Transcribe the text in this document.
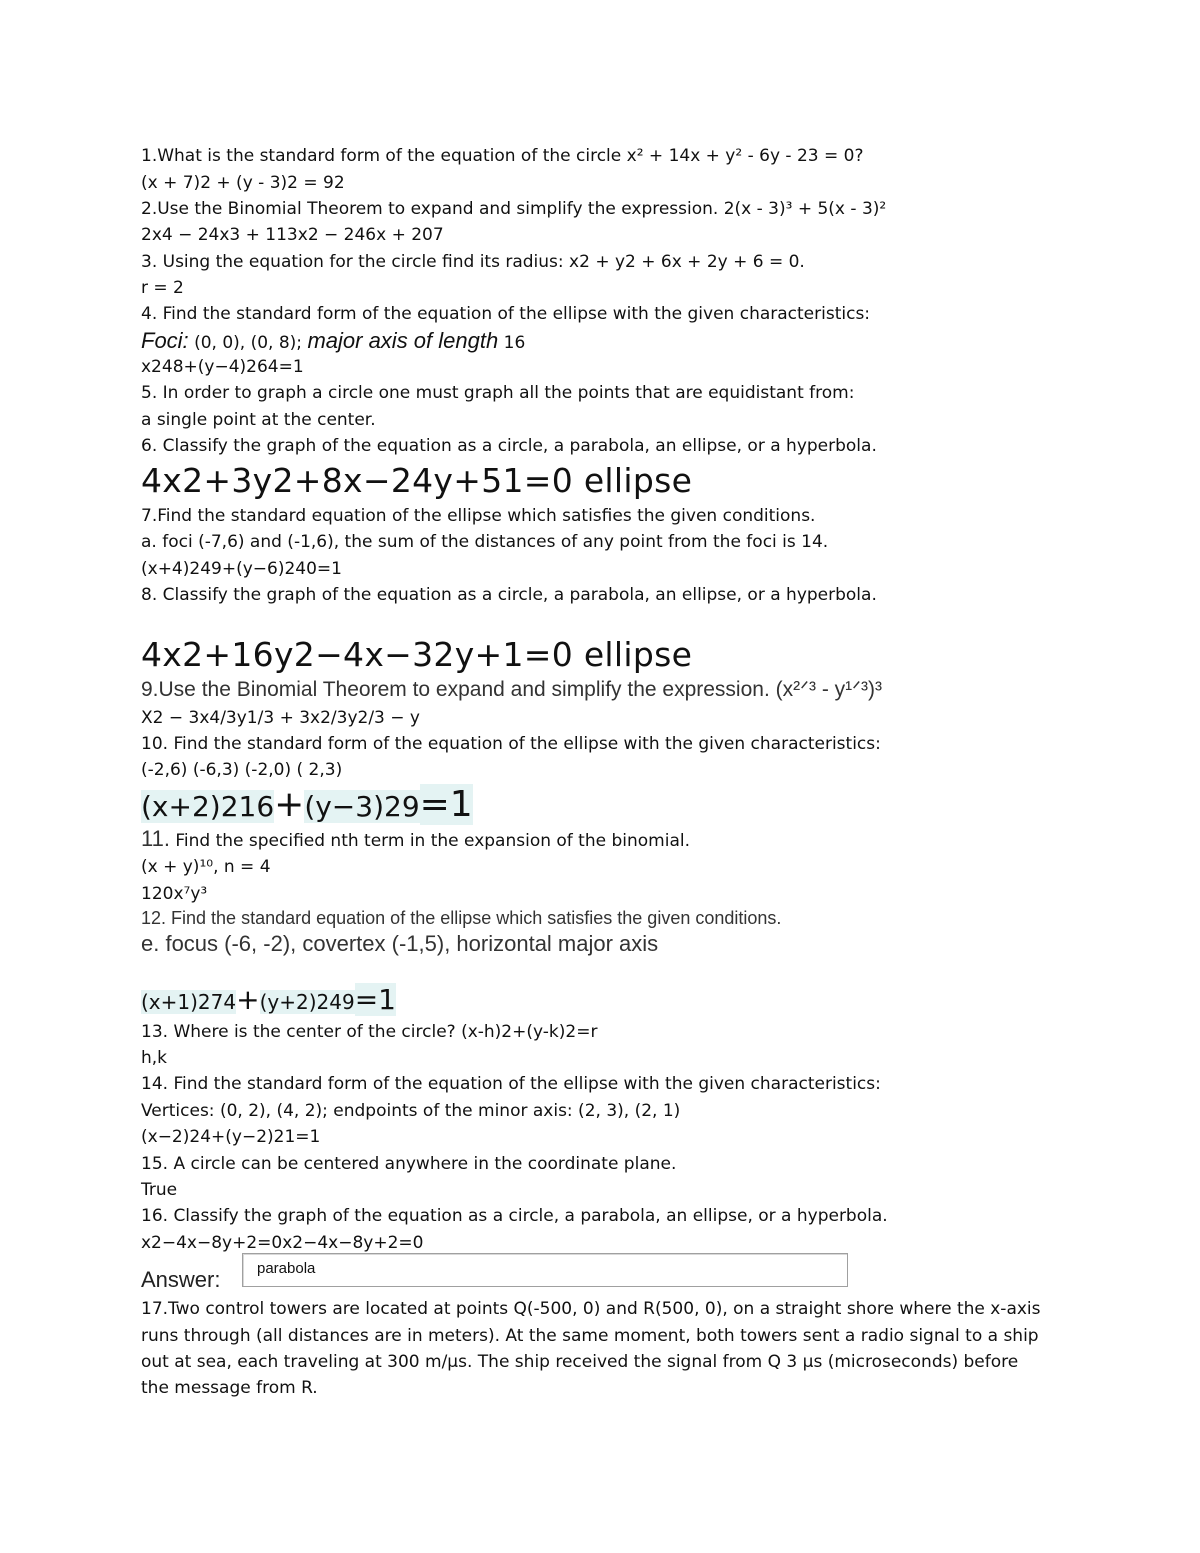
1.What is the standard form of the equation of the circle x² + 14x + y² - 6y - 23 = 0?
(x + 7)2 + (y - 3)2 = 92
2.Use the Binomial Theorem to expand and simplify the expression. 2(x - 3)³ + 5(x - 3)²
2x4 − 24x3 + 113x2 − 246x + 207
3. Using the equation for the circle find its radius: x2 + y2 + 6x + 2y + 6 = 0.
r = 2
4. Find the standard form of the equation of the ellipse with the given characteristics:
Foci: (0, 0), (0, 8); major axis of length 16
x248+(y−4)264=1
5. In order to graph a circle one must graph all the points that are equidistant from:
a single point at the center.
6. Classify the graph of the equation as a circle, a parabola, an ellipse, or a hyperbola.
4x2+3y2+8x−24y+51=0 ellipse
7.Find the standard equation of the ellipse which satisfies the given conditions.
a. foci (-7,6) and (-1,6), the sum of the distances of any point from the foci is 14.
(x+4)249+(y−6)240=1
8. Classify the graph of the equation as a circle, a parabola, an ellipse, or a hyperbola.
4x2+16y2−4x−32y+1=0 ellipse
9.Use the Binomial Theorem to expand and simplify the expression. (x²ᐟ³ - y¹ᐟ³)³
X2 − 3x4/3y1/3 + 3x2/3y2/3 − y
10. Find the standard form of the equation of the ellipse with the given characteristics:
(-2,6) (-6,3) (-2,0) ( 2,3)
(x+2)216+(y−3)29=1
11. Find the specified nth term in the expansion of the binomial.
(x + y)¹⁰, n = 4
120x⁷y³
12. Find the standard equation of the ellipse which satisfies the given conditions.
e. focus (-6, -2), covertex (-1,5), horizontal major axis
(x+1)274+(y+2)249=1
13. Where is the center of the circle? (x-h)2+(y-k)2=r
h,k
14. Find the standard form of the equation of the ellipse with the given characteristics:
Vertices: (0, 2), (4, 2); endpoints of the minor axis: (2, 3), (2, 1)
(x−2)24+(y−2)21=1
15. A circle can be centered anywhere in the coordinate plane.
True
16. Classify the graph of the equation as a circle, a parabola, an ellipse, or a hyperbola.
x2−4x−8y+2=0x2−4x−8y+2=0
Answer: parabola
17.Two control towers are located at points Q(-500, 0) and R(500, 0), on a straight shore where the x-axis
runs through (all distances are in meters). At the same moment, both towers sent a radio signal to a ship
out at sea, each traveling at 300 m/μs. The ship received the signal from Q 3 μs (microseconds) before
the message from R.
